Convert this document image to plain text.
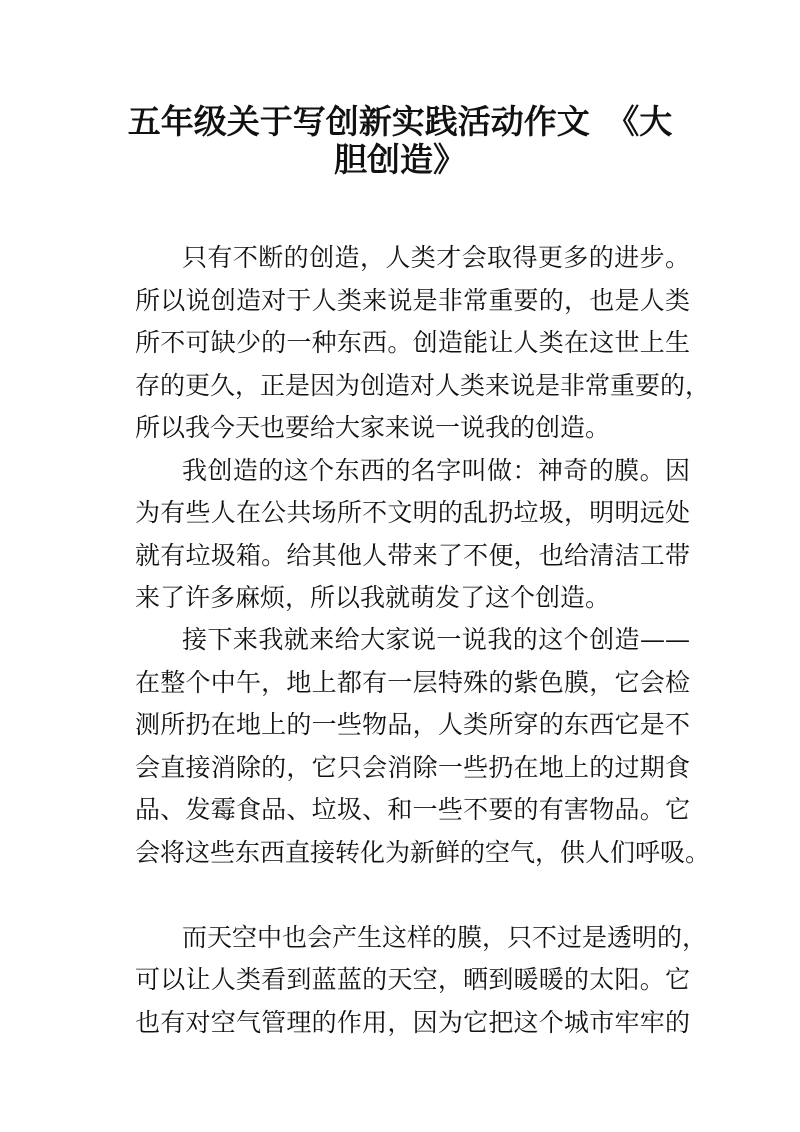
五年级关于写创新实践活动作文　《大
胆创造》
只有不断的创造，人类才会取得更多的进步。
所以说创造对于人类来说是非常重要的，也是人类
所不可缺少的一种东西。创造能让人类在这世上生
存的更久，正是因为创造对人类来说是非常重要的，
所以我今天也要给大家来说一说我的创造。
我创造的这个东西的名字叫做：神奇的膜。因
为有些人在公共场所不文明的乱扔垃圾，明明远处
就有垃圾箱。给其他人带来了不便，也给清洁工带
来了许多麻烦，所以我就萌发了这个创造。
接下来我就来给大家说一说我的这个创造——
在整个中午，地上都有一层特殊的紫色膜，它会检
测所扔在地上的一些物品，人类所穿的东西它是不
会直接消除的，它只会消除一些扔在地上的过期食
品、发霉食品、垃圾、和一些不要的有害物品。它
会将这些东西直接转化为新鲜的空气，供人们呼吸。
而天空中也会产生这样的膜，只不过是透明的，
可以让人类看到蓝蓝的天空，晒到暖暖的太阳。它
也有对空气管理的作用，因为它把这个城市牢牢的
